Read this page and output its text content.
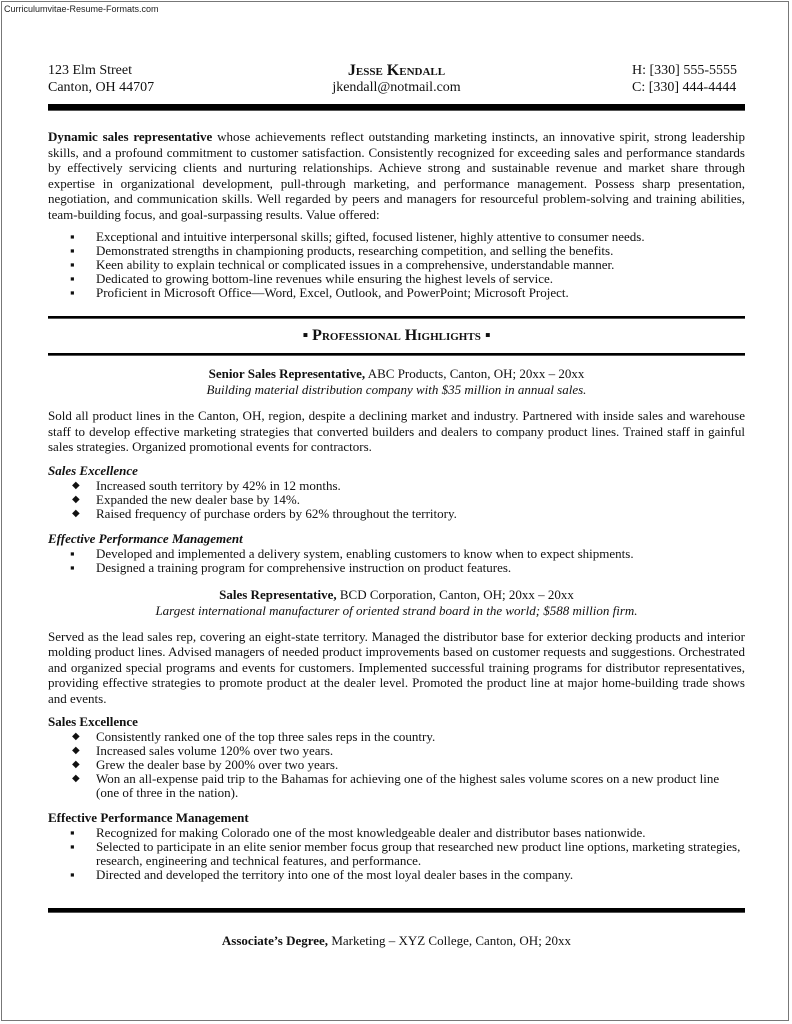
Curriculumvitae-Resume-Formats.com
123 Elm Street
Canton, OH 44707
Jesse Kendall
jkendall@notmail.com
H: [330] 555-5555
C: [330] 444-4444

Dynamic sales representative whose achievements reflect outstanding marketing instincts, an innovative spirit, strong leadership skills, and a profound commitment to customer satisfaction. Consistently recognized for exceeding sales and performance standards by effectively servicing clients and nurturing relationships. Achieve strong and sustainable revenue and market share through expertise in organizational development, pull-through marketing, and performance management. Possess sharp presentation, negotiation, and communication skills. Well regarded by peers and managers for resourceful problem-solving and training abilities, team-building focus, and goal-surpassing results. Value offered:

▪ Exceptional and intuitive interpersonal skills; gifted, focused listener, highly attentive to consumer needs.
▪ Demonstrated strengths in championing products, researching competition, and selling the benefits.
▪ Keen ability to explain technical or complicated issues in a comprehensive, understandable manner.
▪ Dedicated to growing bottom-line revenues while ensuring the highest levels of service.
▪ Proficient in Microsoft Office—Word, Excel, Outlook, and PowerPoint; Microsoft Project.
▪ Professional Highlights ▪
Senior Sales Representative, ABC Products, Canton, OH; 20xx – 20xx
Building material distribution company with $35 million in annual sales.

Sold all product lines in the Canton, OH, region, despite a declining market and industry. Partnered with inside sales and warehouse staff to develop effective marketing strategies that converted builders and dealers to company product lines. Trained staff in gainful sales strategies. Organized promotional events for contractors.

Sales Excellence
◆ Increased south territory by 42% in 12 months.
◆ Expanded the new dealer base by 14%.
◆ Raised frequency of purchase orders by 62% throughout the territory.
Effective Performance Management
▪ Developed and implemented a delivery system, enabling customers to know when to expect shipments.
▪ Designed a training program for comprehensive instruction on product features.
Sales Representative, BCD Corporation, Canton, OH; 20xx – 20xx
Largest international manufacturer of oriented strand board in the world; $588 million firm.

Served as the lead sales rep, covering an eight-state territory. Managed the distributor base for exterior decking products and interior molding product lines. Advised managers of needed product improvements based on customer requests and suggestions. Orchestrated and organized special programs and events for customers. Implemented successful training programs for distributor representatives, providing effective strategies to promote product at the dealer level. Promoted the product line at major home-building trade shows and events.

Sales Excellence
◆ Consistently ranked one of the top three sales reps in the country.
◆ Increased sales volume 120% over two years.
◆ Grew the dealer base by 200% over two years.
◆ Won an all-expense paid trip to the Bahamas for achieving one of the highest sales volume scores on a new product line (one of three in the nation).
Effective Performance Management
▪ Recognized for making Colorado one of the most knowledgeable dealer and distributor bases nationwide.
▪ Selected to participate in an elite senior member focus group that researched new product line options, marketing strategies, research, engineering and technical features, and performance.
▪ Directed and developed the territory into one of the most loyal dealer bases in the company.
Associate’s Degree, Marketing – XYZ College, Canton, OH; 20xx
